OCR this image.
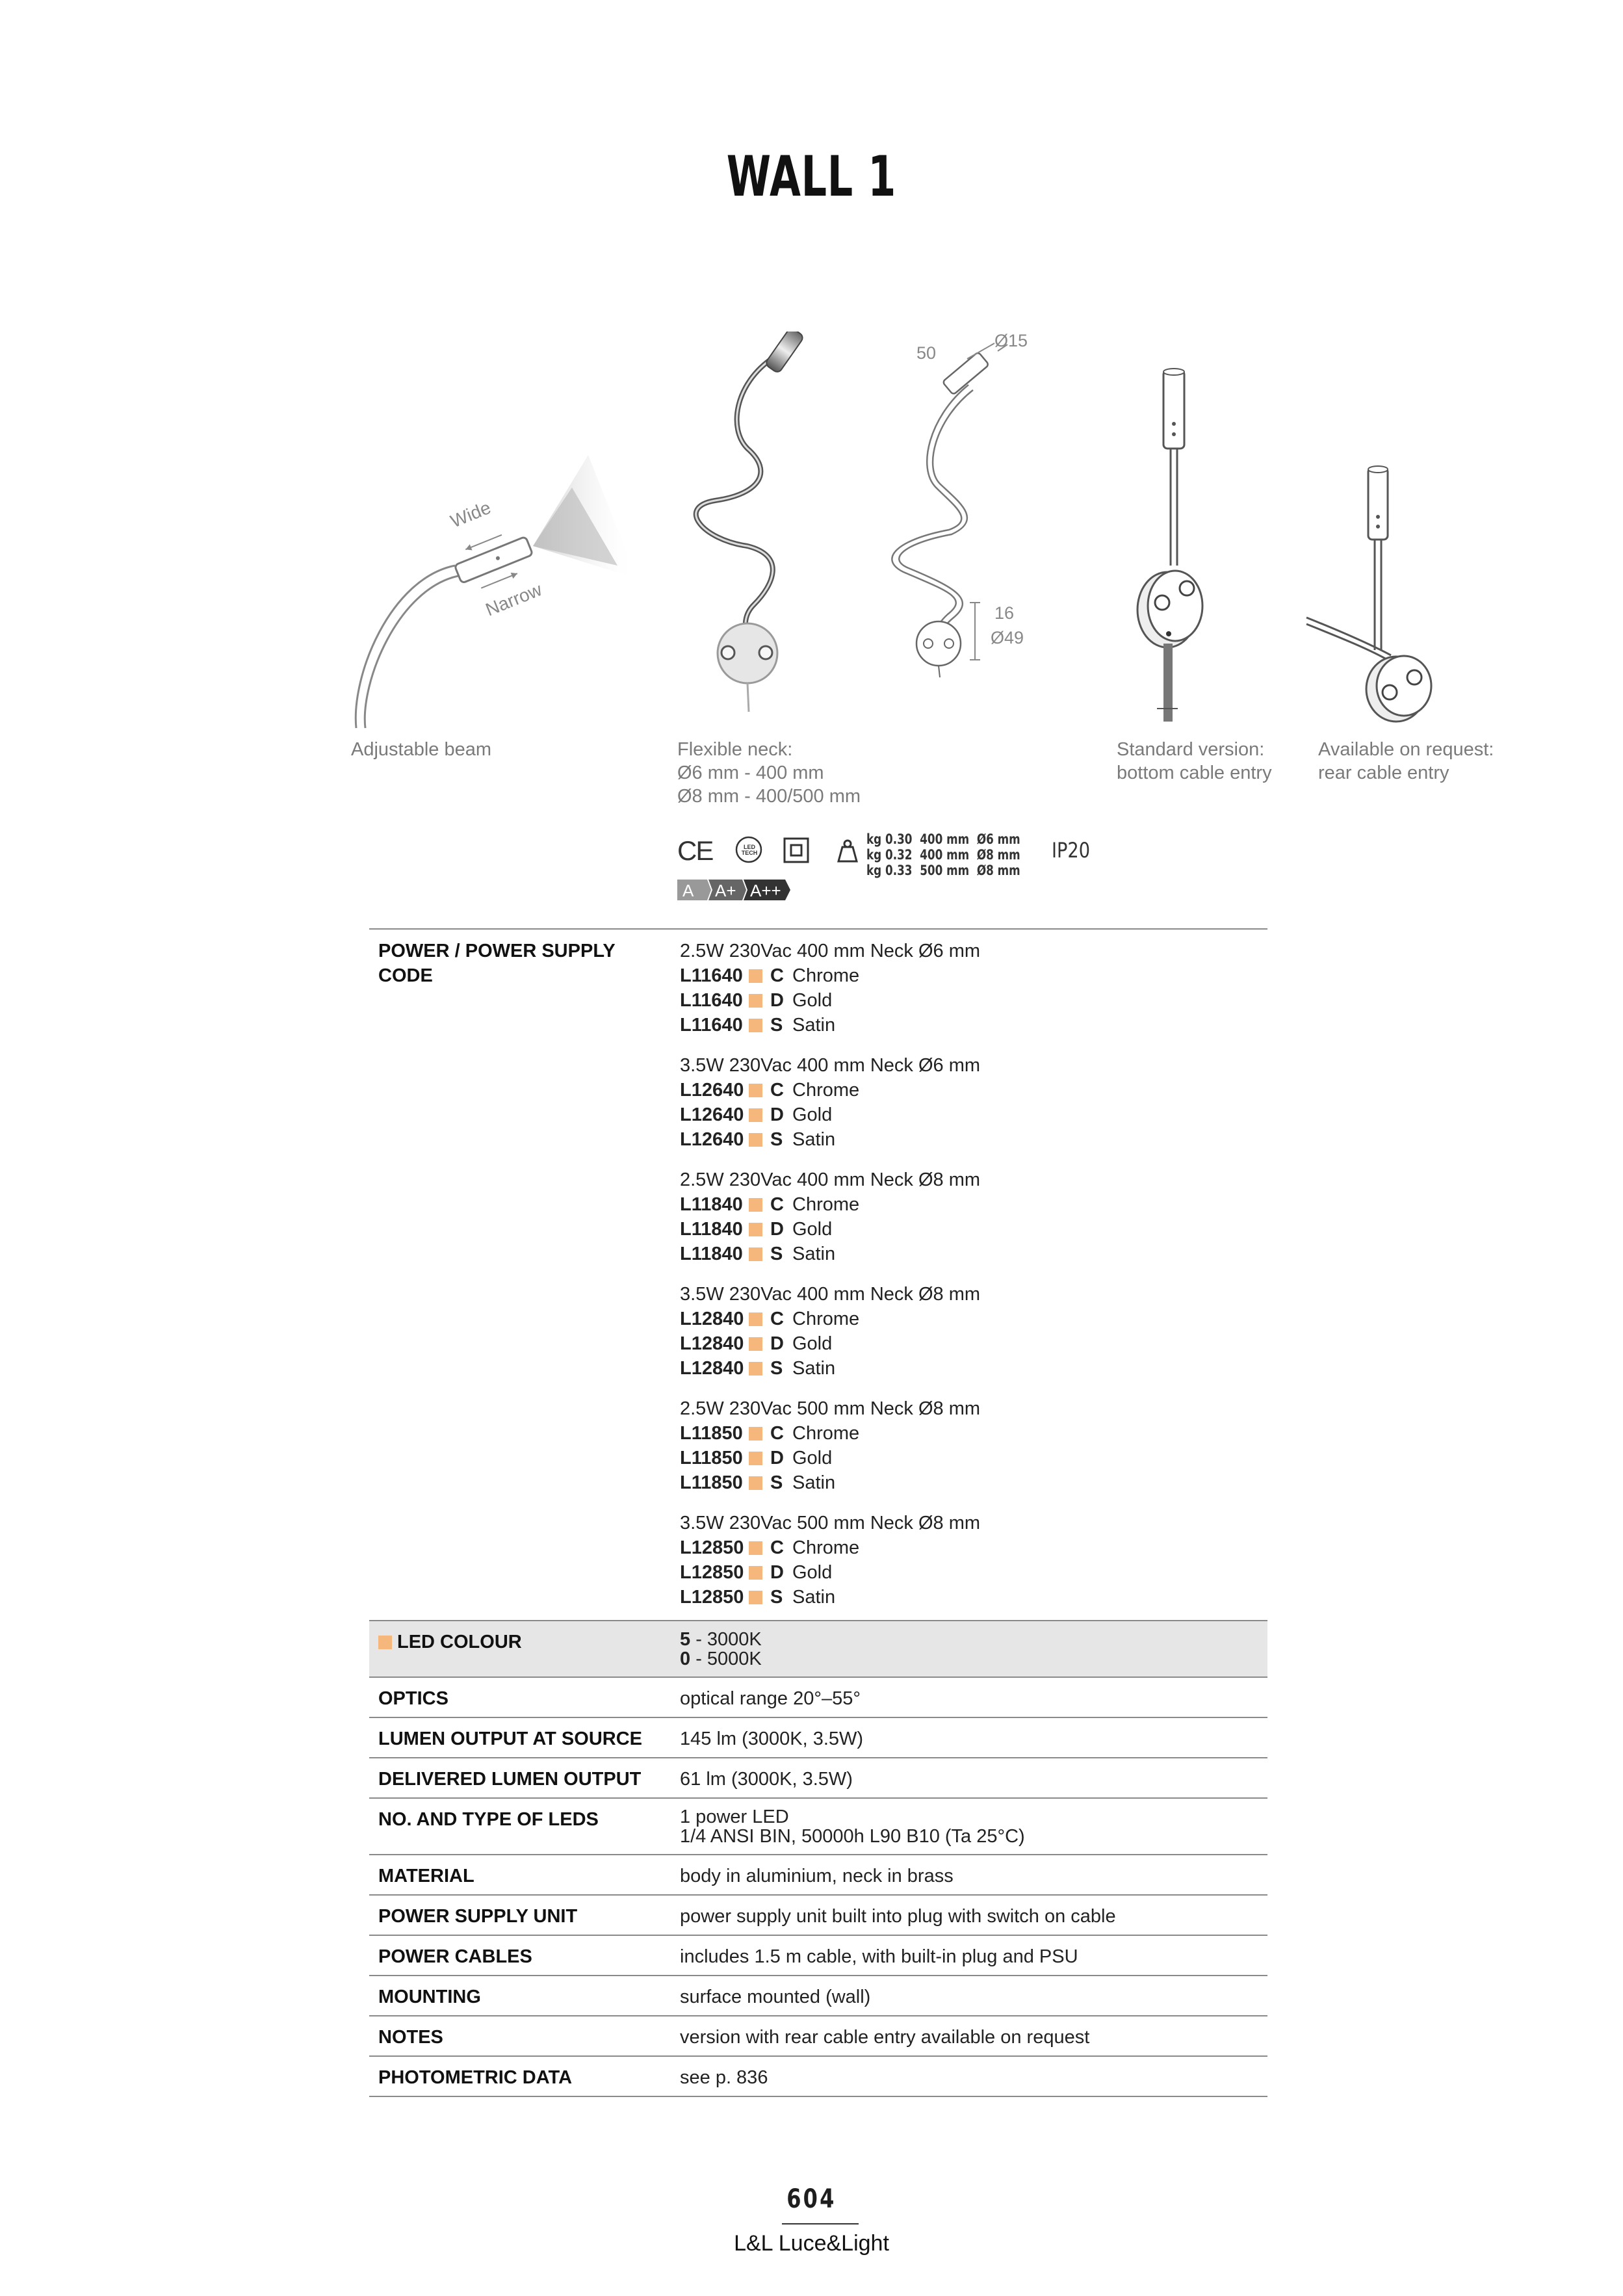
WALL 1
Wide
Narrow
50
Ø15
16
Ø49
Adjustable beam	Flexible neck:
Ø6 mm - 400 mm
Ø8 mm - 400/500 mm
Standard version:
bottom cable entry
Available on request:
rear cable entry
CE	LED TECH
kg 0.30 400 mm Ø6 mm
kg 0.32 400 mm Ø8 mm
kg 0.33 500 mm Ø8 mm
IP20
A A+ A++
POWER / POWER SUPPLY CODE
2.5W 230Vac 400 mm Neck Ø6 mm
L11640 C Chrome
L11640 D Gold
L11640 S Satin
3.5W 230Vac 400 mm Neck Ø6 mm
L12640 C Chrome
L12640 D Gold
L12640 S Satin
2.5W 230Vac 400 mm Neck Ø8 mm
L11840 C Chrome
L11840 D Gold
L11840 S Satin
3.5W 230Vac 400 mm Neck Ø8 mm
L12840 C Chrome
L12840 D Gold
L12840 S Satin
2.5W 230Vac 500 mm Neck Ø8 mm
L11850 C Chrome
L11850 D Gold
L11850 S Satin
3.5W 230Vac 500 mm Neck Ø8 mm
L12850 C Chrome
L12850 D Gold
L12850 S Satin
LED COLOUR	5 - 3000K
0 - 5000K
OPTICS	optical range 20°–55°
LUMEN OUTPUT AT SOURCE	145 lm (3000K, 3.5W)
DELIVERED LUMEN OUTPUT	61 lm (3000K, 3.5W)
NO. AND TYPE OF LEDS	1 power LED
1/4 ANSI BIN, 50000h L90 B10 (Ta 25°C)
MATERIAL	body in aluminium, neck in brass
POWER SUPPLY UNIT	power supply unit built into plug with switch on cable
POWER CABLES	includes 1.5 m cable, with built-in plug and PSU
MOUNTING	surface mounted (wall)
NOTES	version with rear cable entry available on request
PHOTOMETRIC DATA	see p. 836
604
L&L Luce&Light
